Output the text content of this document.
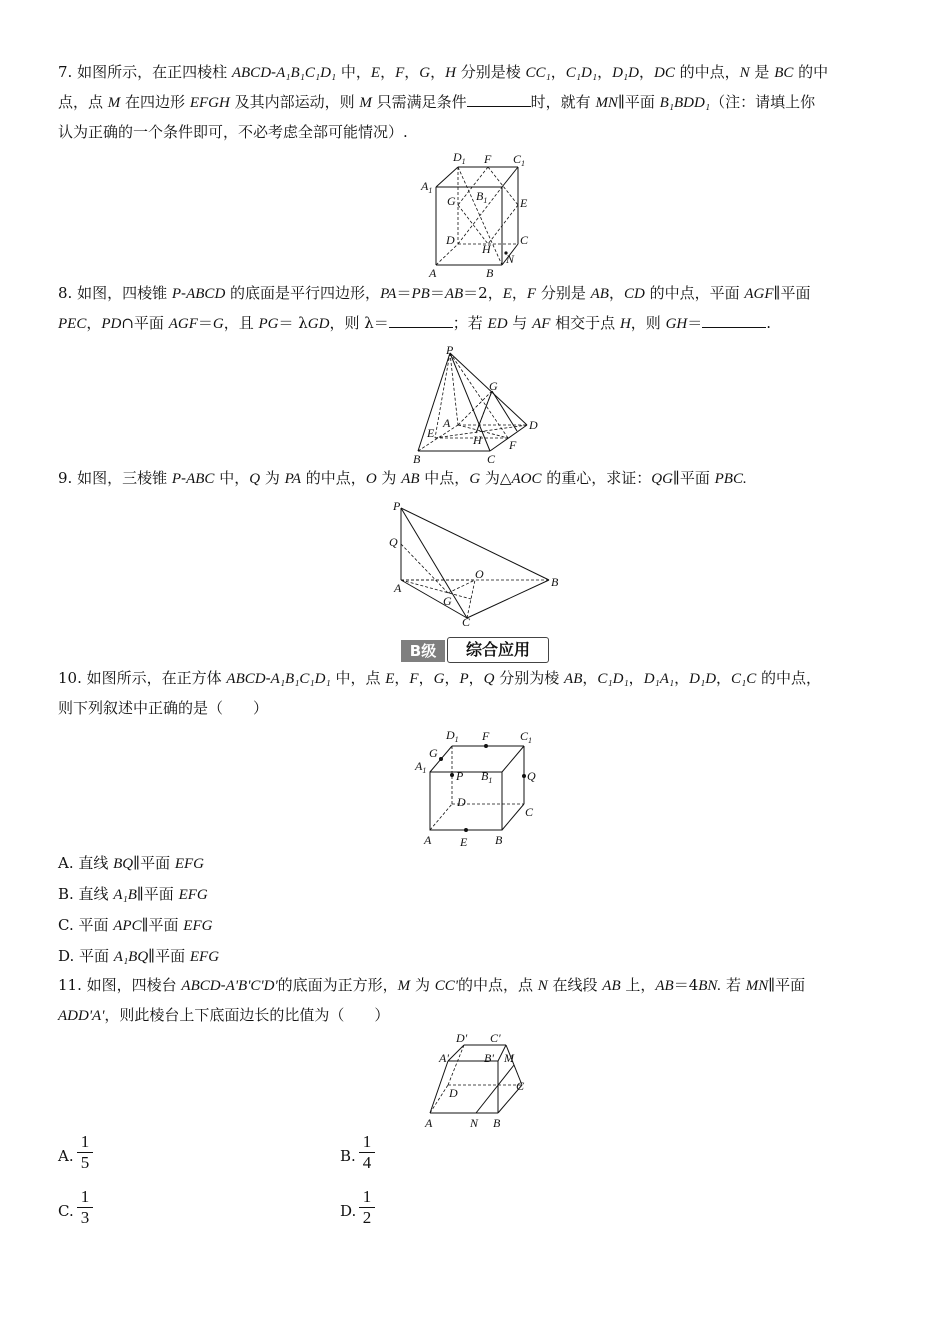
7. 如图所示，在正四棱柱 ABCD-A₁B₁C₁D₁ 中，E，F，G，H 分别是棱 CC₁，C₁D₁，D₁D，DC 的中点，N 是 BC 的中
点，点 M 在四边形 EFGH 及其内部运动，则 M 只需满足条件	时，就有 MN∥平面 B₁BDD₁（注：请填上你
认为正确的一个条件即可，不必考虑全部可能情况）.

$D_1$ F $C_1$
$A_1$
G $B_1$	E
D	C
H
A	B
N

8. 如图，四棱锥 P-ABCD 的底面是平行四边形，PA＝PB＝AB＝2，E，F 分别是 AB，CD 的中点，平面 AGF∥平面
PEC，PD∩平面 AGF＝G，且 PG＝ λGD，则 λ＝	；若 ED 与 AF 相交于点 H，则 GH＝	.

P
G
A	D
E	H F
B	C

9. 如图，三棱锥 P-ABC 中，Q 为 PA 的中点，O 为 AB 中点，G 为△AOC 的重心，求证：QG∥平面 PBC.

P
Q
O
B
A
G
C
B级	综合应用

10. 如图所示，在正方体 ABCD-A₁B₁C₁D₁ 中，点 E，F，G，P，Q 分别为棱 AB，C₁D₁，D₁A₁，D₁D，C₁C 的中点，
则下列叙述中正确的是（　　）

$D_1$ F	$C_1$
G
$A_1$ P $B_1$	Q
D
C
A E B
A. 直线 BQ∥平面 EFG
B. 直线 A₁B∥平面 EFG
C. 平面 APC∥平面 EFG
D. 平面 A₁BQ∥平面 EFG

11. 如图，四棱台 ABCD-A'B'C'D'的底面为正方形，M 为 CC'的中点，点 N 在线段 AB 上，AB＝4BN. 若 MN∥平面
ADD'A'，则此棱台上下底面边长的比值为（　　）

D' C'
A'	B' M
C
D
A	N B
A.
1
5	B.
1
4
C.
1
3	D.
1
2
